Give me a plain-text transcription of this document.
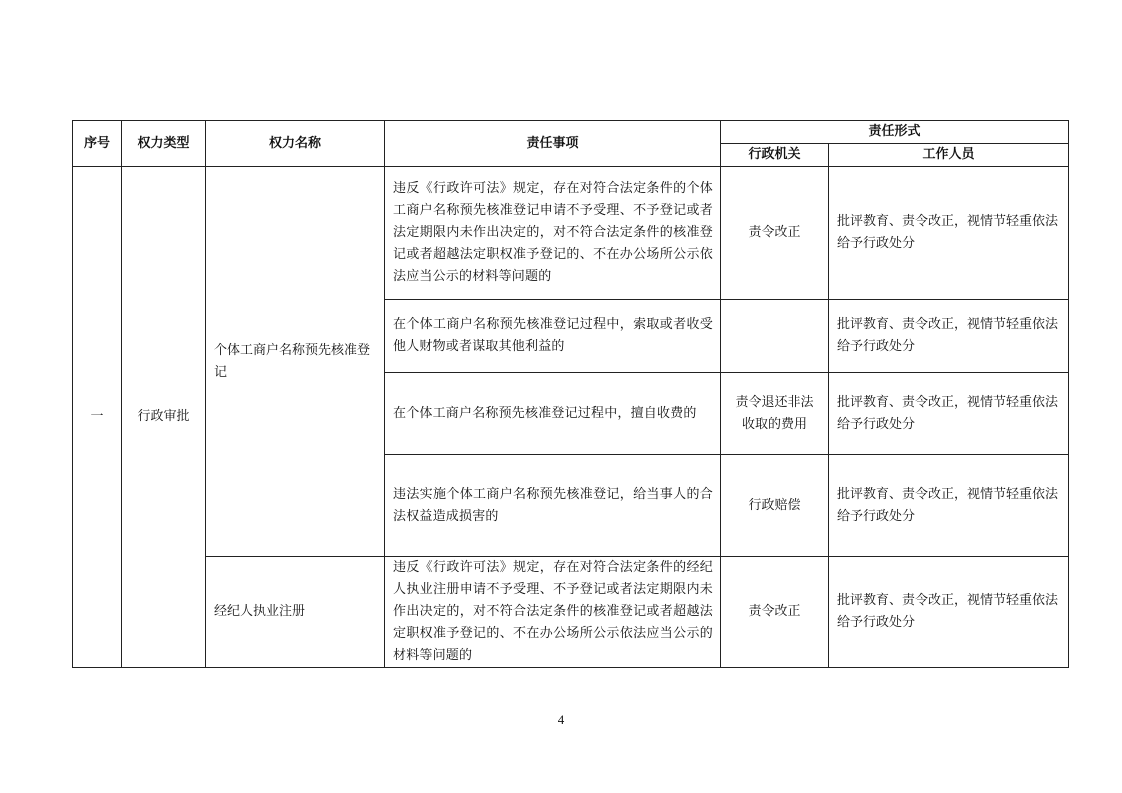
序号	权力类型	权力名称	责任事项	责任形式	
				行政机关	工作人员
一	行政审批	个体工商户名称预先核准登记	违反《行政许可法》规定，存在对符合法定条件的个体工商户名称预先核准登记申请不予受理、不予登记或者法定期限内未作出决定的，对不符合法定条件的核准登记或者超越法定职权准予登记的、不在办公场所公示依法应当公示的材料等问题的	责令改正	批评教育、责令改正，视情节轻重依法给予行政处分
			在个体工商户名称预先核准登记过程中，索取或者收受他人财物或者谋取其他利益的		批评教育、责令改正，视情节轻重依法给予行政处分
			在个体工商户名称预先核准登记过程中，擅自收费的	责令退还非法收取的费用	批评教育、责令改正，视情节轻重依法给予行政处分
			违法实施个体工商户名称预先核准登记，给当事人的合法权益造成损害的	行政赔偿	批评教育、责令改正，视情节轻重依法给予行政处分
		经纪人执业注册	违反《行政许可法》规定，存在对符合法定条件的经纪人执业注册申请不予受理、不予登记或者法定期限内未作出决定的，对不符合法定条件的核准登记或者超越法定职权准予登记的、不在办公场所公示依法应当公示的材料等问题的	责令改正	批评教育、责令改正，视情节轻重依法给予行政处分
4
